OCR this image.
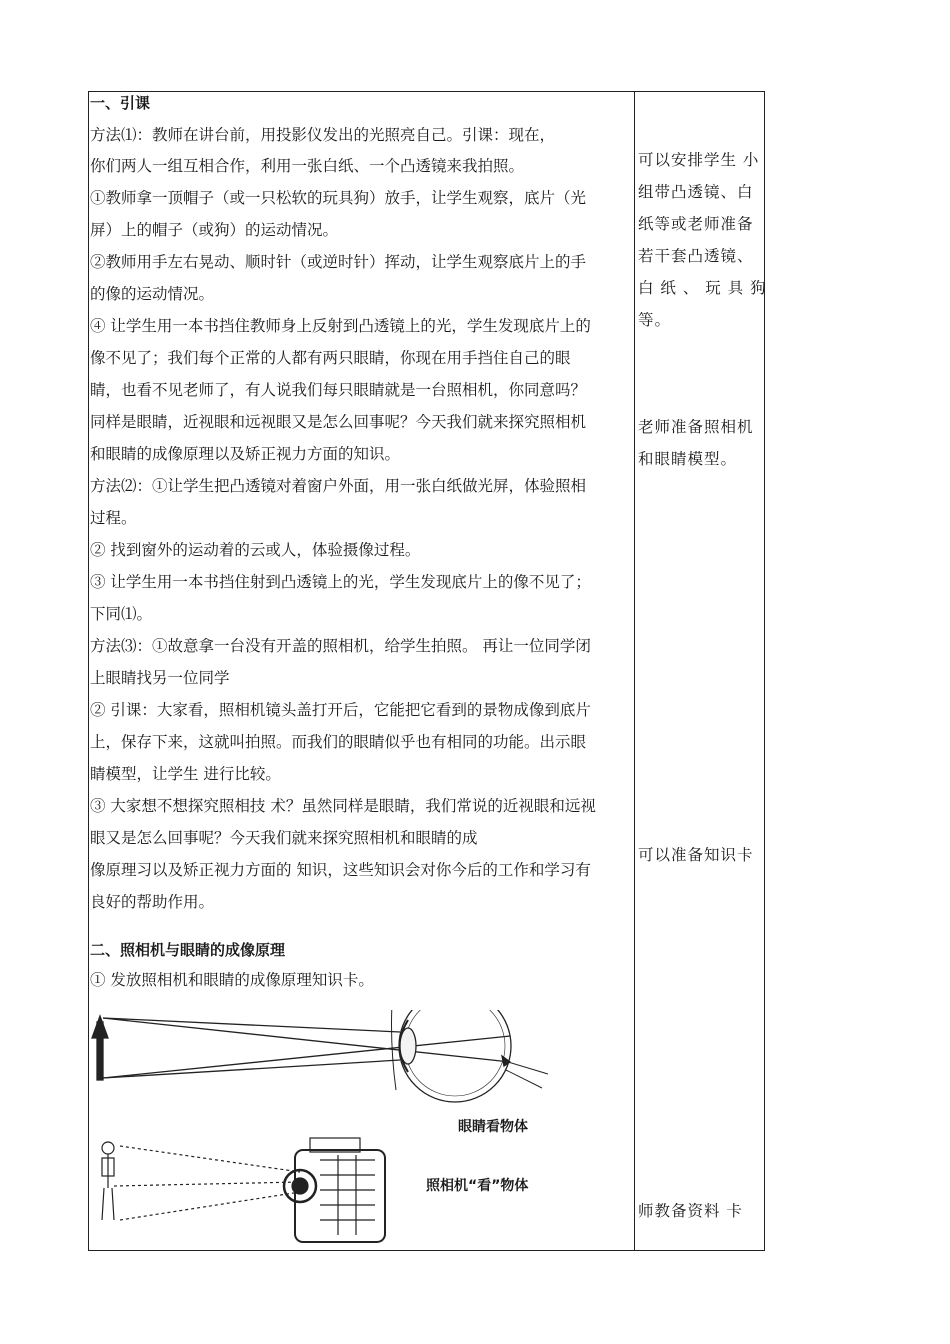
一、引课
方法⑴：教师在讲台前，用投影仪发出的光照亮自己。引课：现在，
你们两人一组互相合作，利用一张白纸、一个凸透镜来我拍照。
①教师拿一顶帽子（或一只松软的玩具狗）放手，让学生观察，底片（光
屏）上的帽子（或狗）的运动情况。
②教师用手左右晃动、顺时针（或逆时针）挥动，让学生观察底片上的手
的像的运动情况。
④ 让学生用一本书挡住教师身上反射到凸透镜上的光，学生发现底片上的
像不见了；我们每个正常的人都有两只眼睛，你现在用手挡住自己的眼
睛，也看不见老师了，有人说我们每只眼睛就是一台照相机，你同意吗？
同样是眼睛，近视眼和远视眼又是怎么回事呢？今天我们就来探究照相机
和眼睛的成像原理以及矫正视力方面的知识。
方法⑵：①让学生把凸透镜对着窗户外面，用一张白纸做光屏，体验照相
过程。
② 找到窗外的运动着的云或人，体验摄像过程。
③ 让学生用一本书挡住射到凸透镜上的光，学生发现底片上的像不见了；
下同⑴。
方法⑶：①故意拿一台没有开盖的照相机，给学生拍照。 再让一位同学闭
上眼睛找另一位同学
② 引课：大家看，照相机镜头盖打开后，它能把它看到的景物成像到底片
上，保存下来，这就叫拍照。而我们的眼睛似乎也有相同的功能。出示眼
睛模型，让学生 进行比较。
③ 大家想不想探究照相技 术？虽然同样是眼睛，我们常说的近视眼和远视
眼又是怎么回事呢？今天我们就来探究照相机和眼睛的成
像原理习以及矫正视力方面的 知识，这些知识会对你今后的工作和学习有
良好的帮助作用。
二、照相机与眼睛的成像原理
① 发放照相机和眼睛的成像原理知识卡。
可以安排学生 小
组带凸透镜、白
纸等或老师准备
若干套凸透镜、
白 纸 、 玩 具 狗
等。
老师准备照相机
和眼睛模型。
可以准备知识卡
师教备资料 卡
眼睛看物体
照相机“看”物体
